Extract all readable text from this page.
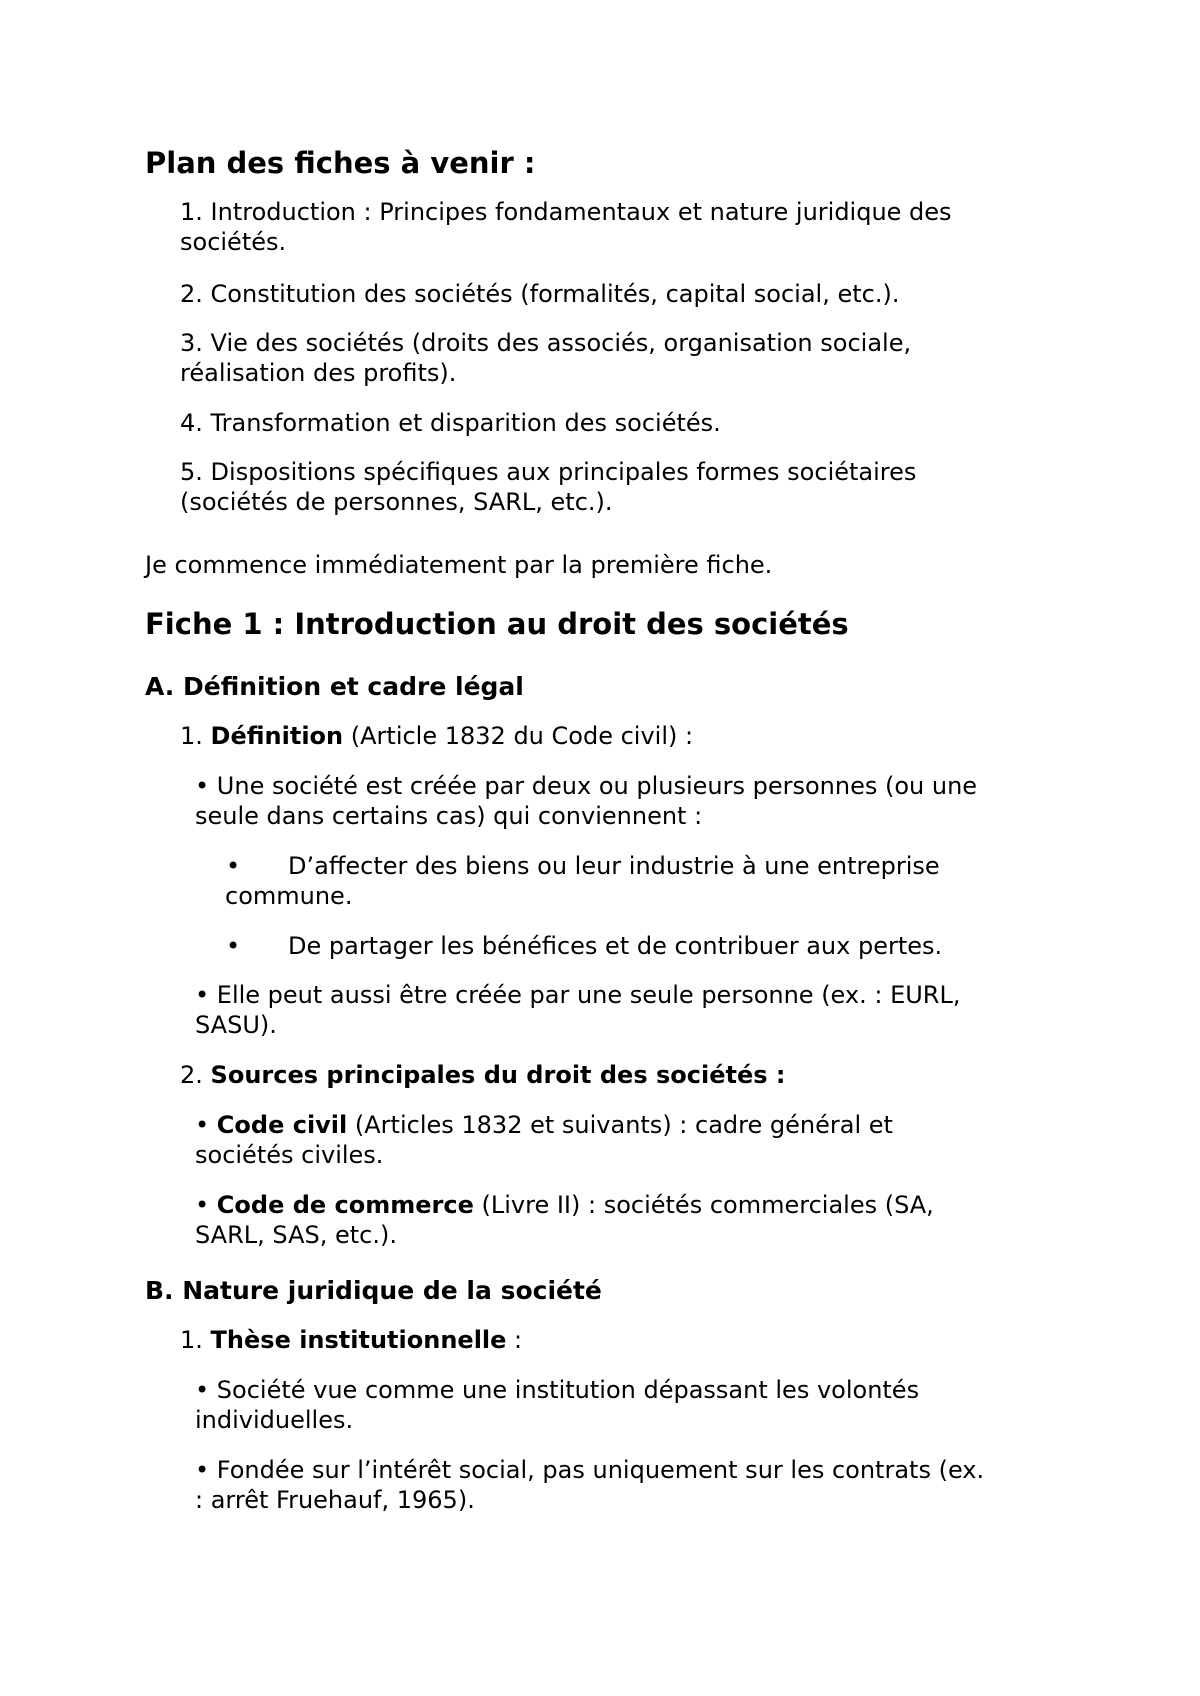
Plan des fiches à venir :
1. Introduction : Principes fondamentaux et nature juridique des
sociétés.
2. Constitution des sociétés (formalités, capital social, etc.).
3. Vie des sociétés (droits des associés, organisation sociale,
réalisation des profits).
4. Transformation et disparition des sociétés.
5. Dispositions spécifiques aux principales formes sociétaires
(sociétés de personnes, SARL, etc.).
Je commence immédiatement par la première fiche.
Fiche 1 : Introduction au droit des sociétés
A. Définition et cadre légal
1. Définition (Article 1832 du Code civil) :
• Une société est créée par deux ou plusieurs personnes (ou une
seule dans certains cas) qui conviennent :
• D’affecter des biens ou leur industrie à une entreprise
commune.
• De partager les bénéfices et de contribuer aux pertes.
• Elle peut aussi être créée par une seule personne (ex. : EURL,
SASU).
2. Sources principales du droit des sociétés :
• Code civil (Articles 1832 et suivants) : cadre général et
sociétés civiles.
• Code de commerce (Livre II) : sociétés commerciales (SA,
SARL, SAS, etc.).
B. Nature juridique de la société
1. Thèse institutionnelle :
• Société vue comme une institution dépassant les volontés
individuelles.
• Fondée sur l’intérêt social, pas uniquement sur les contrats (ex.
: arrêt Fruehauf, 1965).
